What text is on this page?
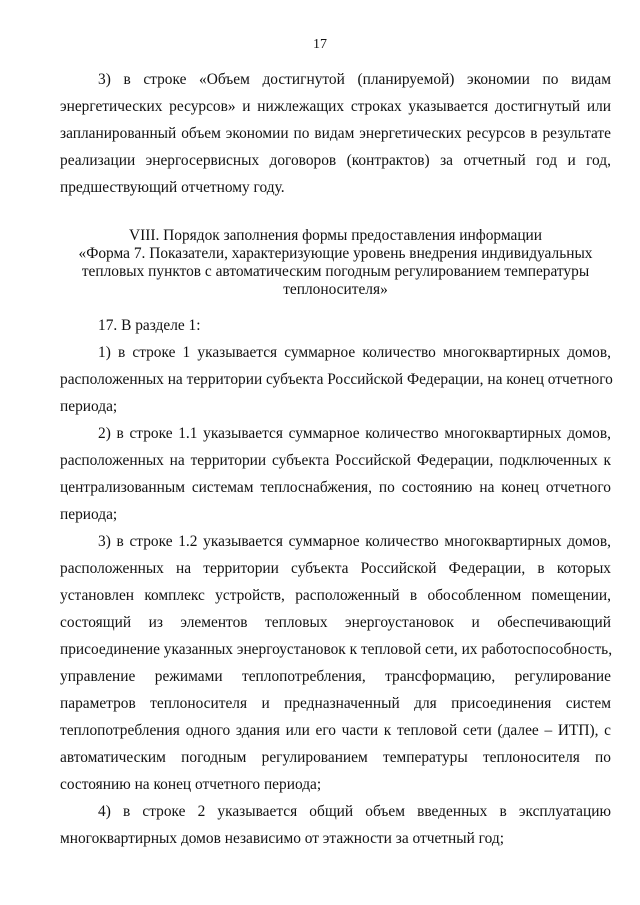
17
3) в строке «Объем достигнутой (планируемой) экономии по видам
энергетических ресурсов» и нижлежащих строках указывается достигнутый или
запланированный объем экономии по видам энергетических ресурсов в результате
реализации энергосервисных договоров (контрактов) за отчетный год и год,
предшествующий отчетному году.
VIII. Порядок заполнения формы предоставления информации
«Форма 7. Показатели, характеризующие уровень внедрения индивидуальных
тепловых пунктов с автоматическим погодным регулированием температуры
теплоносителя»
17. В разделе 1:
1) в строке 1 указывается суммарное количество многоквартирных домов,
расположенных на территории субъекта Российской Федерации, на конец отчетного
периода;
2) в строке 1.1 указывается суммарное количество многоквартирных домов,
расположенных на территории субъекта Российской Федерации, подключенных к
централизованным системам теплоснабжения, по состоянию на конец отчетного
периода;
3) в строке 1.2 указывается суммарное количество многоквартирных домов,
расположенных на территории субъекта Российской Федерации, в которых
установлен комплекс устройств, расположенный в обособленном помещении,
состоящий из элементов тепловых энергоустановок и обеспечивающий
присоединение указанных энергоустановок к тепловой сети, их работоспособность,
управление режимами теплопотребления, трансформацию, регулирование
параметров теплоносителя и предназначенный для присоединения систем
теплопотребления одного здания или его части к тепловой сети (далее – ИТП), с
автоматическим погодным регулированием температуры теплоносителя по
состоянию на конец отчетного периода;
4) в строке 2 указывается общий объем введенных в эксплуатацию
многоквартирных домов независимо от этажности за отчетный год;
